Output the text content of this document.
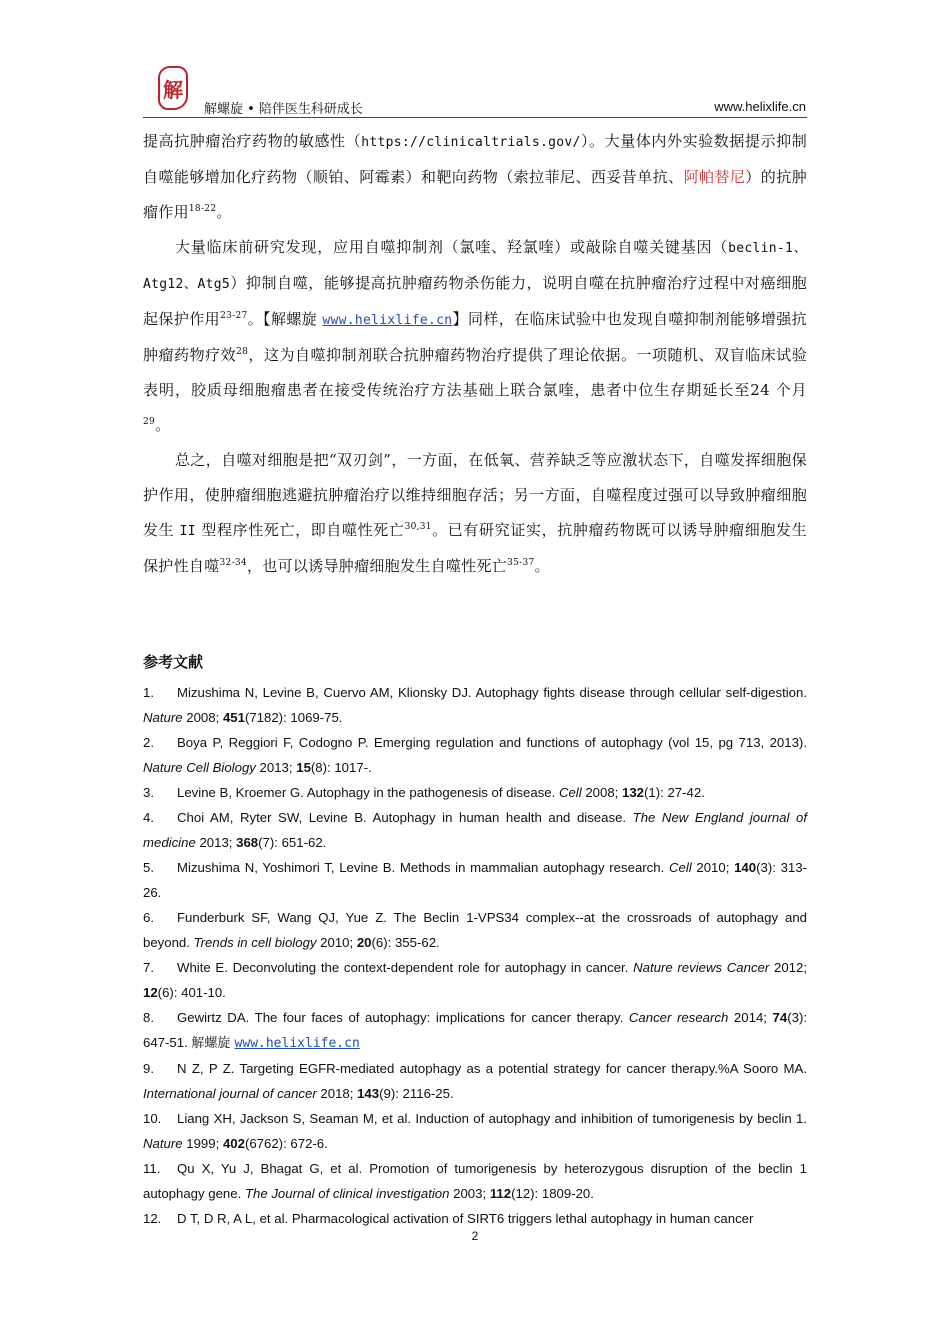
解
解螺旋 • 陪伴医生科研成长	www.helixlife.cn

提高抗肿瘤治疗药物的敏感性（https://clinicaltrials.gov/）。大量体内外实验数据提示抑制自噬能够增加化疗药物（顺铂、阿霉素）和靶向药物（索拉菲尼、西妥昔单抗、阿帕替尼）的抗肿瘤作用$^{18-22}$。

大量临床前研究发现，应用自噬抑制剂（氯喹、羟氯喹）或敲除自噬关键基因（beclin-1、Atg12、Atg5）抑制自噬，能够提高抗肿瘤药物杀伤能力，说明自噬在抗肿瘤治疗过程中对癌细胞起保护作用$^{23-27}$。【解螺旋 www.helixlife.cn】同样，在临床试验中也发现自噬抑制剂能够增强抗肿瘤药物疗效$^{28}$，这为自噬抑制剂联合抗肿瘤药物治疗提供了理论依据。一项随机、双盲临床试验表明，胶质母细胞瘤患者在接受传统治疗方法基础上联合氯喹，患者中位生存期延长至24 个月$^{29}$。

总之，自噬对细胞是把“双刃剑”，一方面，在低氧、营养缺乏等应激状态下，自噬发挥细胞保护作用，使肿瘤细胞逃避抗肿瘤治疗以维持细胞存活；另一方面，自噬程度过强可以导致肿瘤细胞发生 II 型程序性死亡，即自噬性死亡$^{30,31}$。已有研究证实，抗肿瘤药物既可以诱导肿瘤细胞发生保护性自噬$^{32-34}$，也可以诱导肿瘤细胞发生自噬性死亡$^{35-37}$。

参考文献
1. Mizushima N, Levine B, Cuervo AM, Klionsky DJ. Autophagy fights disease through cellular self-digestion. Nature 2008; 451(7182): 1069-75.
2. Boya P, Reggiori F, Codogno P. Emerging regulation and functions of autophagy (vol 15, pg 713, 2013). Nature Cell Biology 2013; 15(8): 1017-.
3. Levine B, Kroemer G. Autophagy in the pathogenesis of disease. Cell 2008; 132(1): 27-42.
4. Choi AM, Ryter SW, Levine B. Autophagy in human health and disease. The New England journal of medicine 2013; 368(7): 651-62.
5. Mizushima N, Yoshimori T, Levine B. Methods in mammalian autophagy research. Cell 2010; 140(3): 313-26.
6. Funderburk SF, Wang QJ, Yue Z. The Beclin 1-VPS34 complex--at the crossroads of autophagy and beyond. Trends in cell biology 2010; 20(6): 355-62.
7. White E. Deconvoluting the context-dependent role for autophagy in cancer. Nature reviews Cancer 2012; 12(6): 401-10.
8. Gewirtz DA. The four faces of autophagy: implications for cancer therapy. Cancer research 2014; 74(3): 647-51. 解螺旋 www.helixlife.cn
9. N Z, P Z. Targeting EGFR-mediated autophagy as a potential strategy for cancer therapy.%A Sooro MA. International journal of cancer 2018; 143(9): 2116-25.
10. Liang XH, Jackson S, Seaman M, et al. Induction of autophagy and inhibition of tumorigenesis by beclin 1. Nature 1999; 402(6762): 672-6.
11. Qu X, Yu J, Bhagat G, et al. Promotion of tumorigenesis by heterozygous disruption of the beclin 1 autophagy gene. The Journal of clinical investigation 2003; 112(12): 1809-20.
12. D T, D R, A L, et al. Pharmacological activation of SIRT6 triggers lethal autophagy in human cancer
2
